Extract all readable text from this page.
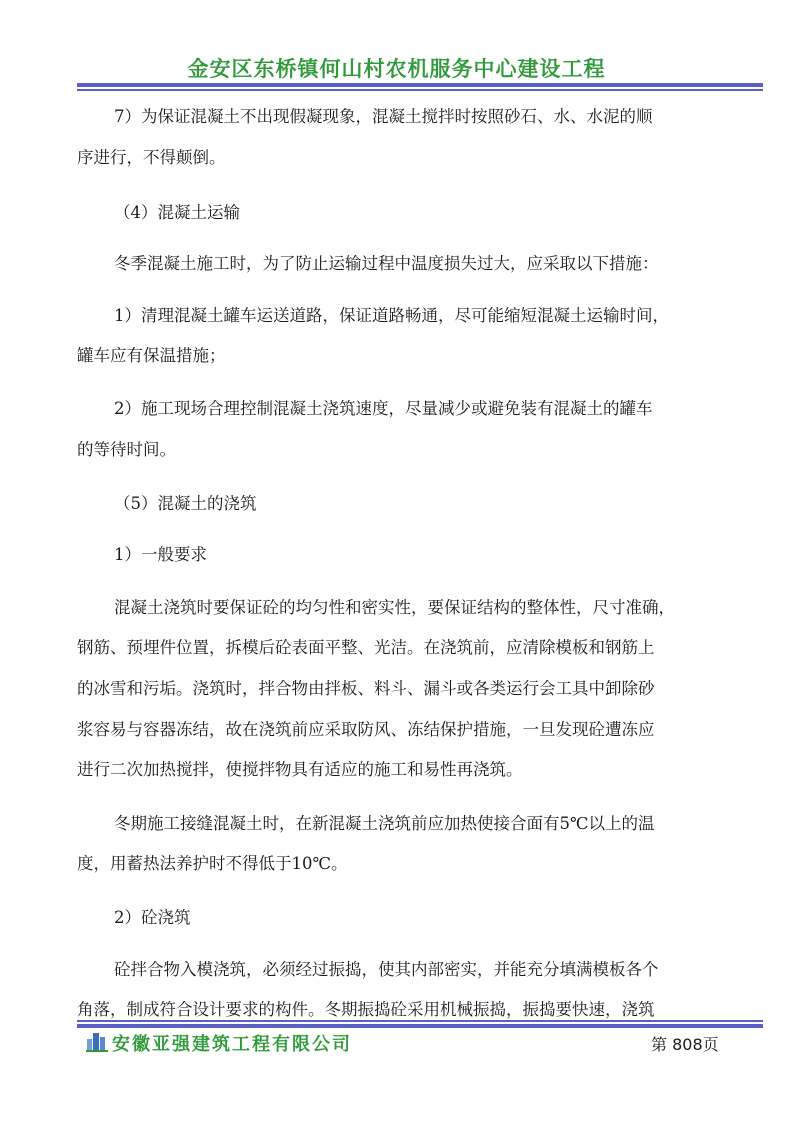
金安区东桥镇何山村农机服务中心建设工程
7）为保证混凝土不出现假凝现象，混凝土搅拌时按照砂石、水、水泥的顺
序进行，不得颠倒。
（4）混凝土运输
冬季混凝土施工时，为了防止运输过程中温度损失过大，应采取以下措施：
1）清理混凝土罐车运送道路，保证道路畅通，尽可能缩短混凝土运输时间，
罐车应有保温措施；
2）施工现场合理控制混凝土浇筑速度，尽量减少或避免装有混凝土的罐车
的等待时间。
（5）混凝土的浇筑
1）一般要求
混凝土浇筑时要保证砼的均匀性和密实性，要保证结构的整体性，尺寸准确，
钢筋、预埋件位置，拆模后砼表面平整、光洁。在浇筑前，应清除模板和钢筋上
的冰雪和污垢。浇筑时，拌合物由拌板、料斗、漏斗或各类运行会工具中卸除砂
浆容易与容器冻结，故在浇筑前应采取防风、冻结保护措施，一旦发现砼遭冻应
进行二次加热搅拌，使搅拌物具有适应的施工和易性再浇筑。
冬期施工接缝混凝土时，在新混凝土浇筑前应加热使接合面有5℃以上的温
度，用蓄热法养护时不得低于10℃。
2）砼浇筑
砼拌合物入模浇筑，必须经过振捣，使其内部密实，并能充分填满模板各个
角落，制成符合设计要求的构件。冬期振捣砼采用机械振捣，振捣要快速，浇筑
安徽亚强建筑工程有限公司	第 808页
